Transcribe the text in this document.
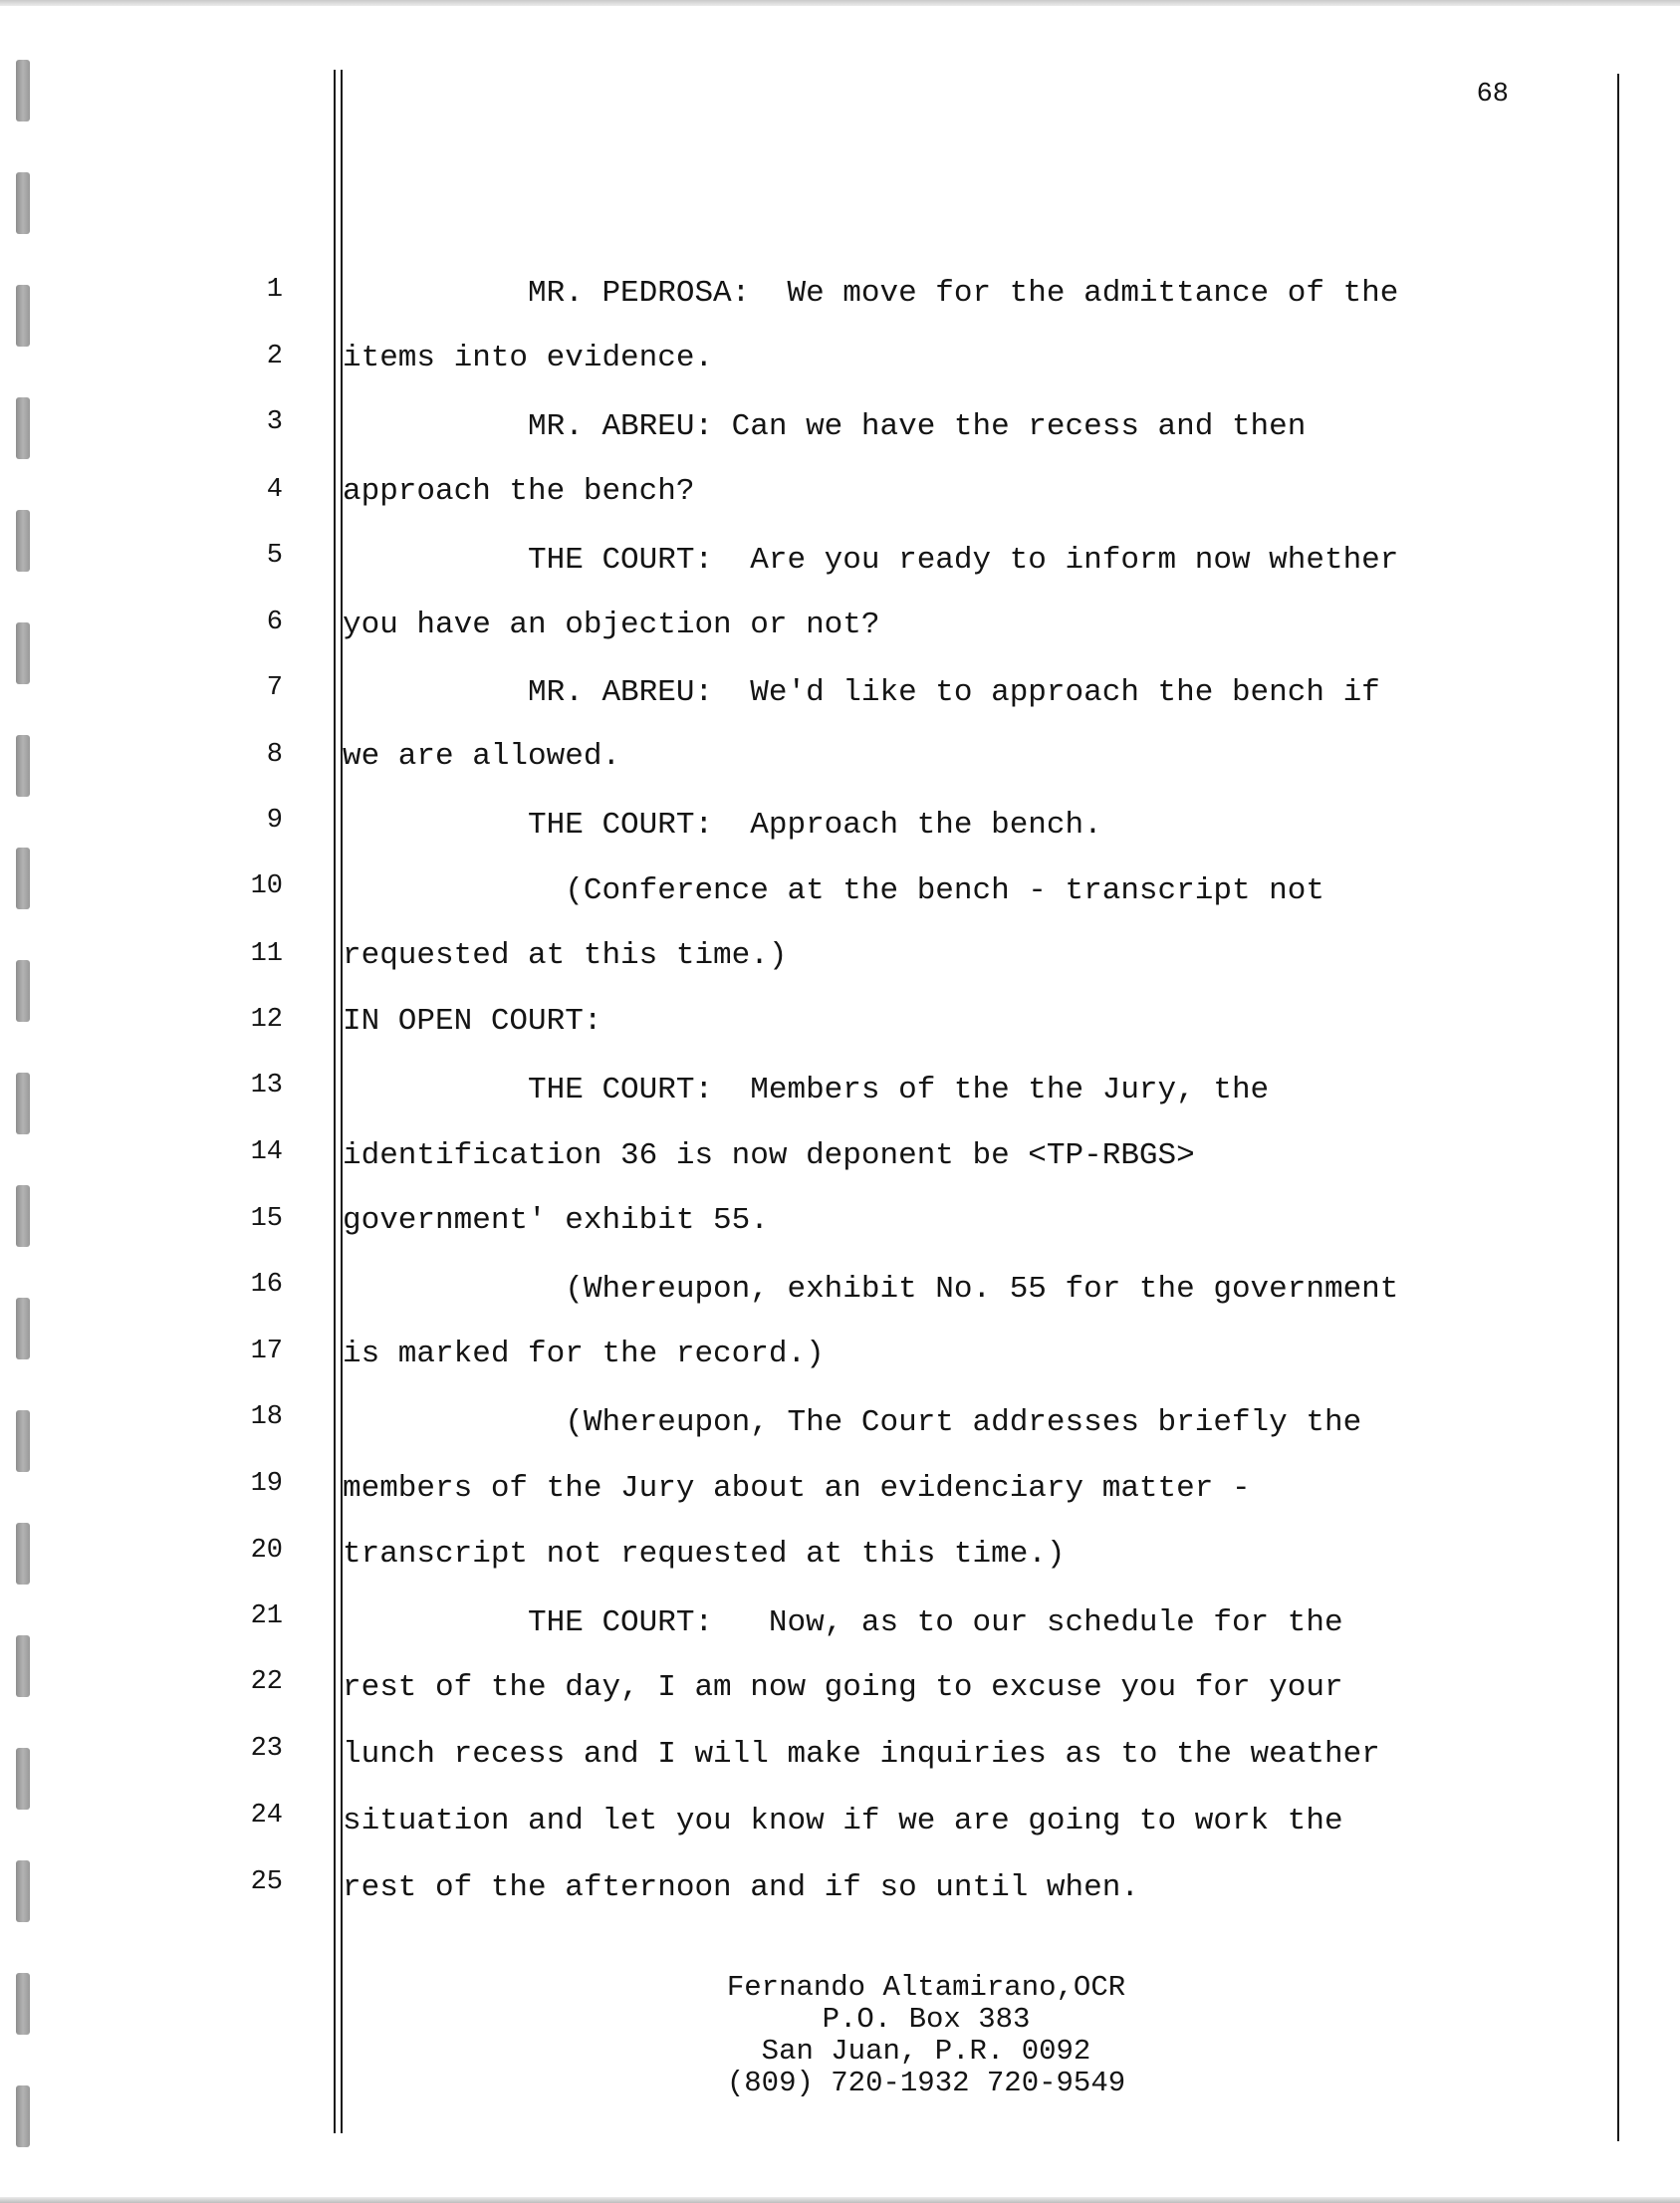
68
1 MR. PEDROSA:  We move for the admittance of the
2 items into evidence.
3 MR. ABREU: Can we have the recess and then
4 approach the bench?
5 THE COURT:  Are you ready to inform now whether
6 you have an objection or not?
7 MR. ABREU:  We'd like to approach the bench if
8 we are allowed.
9 THE COURT:  Approach the bench.
10 (Conference at the bench - transcript not
11 requested at this time.)
12 IN OPEN COURT:
13 THE COURT:  Members of the the Jury, the
14 identification 36 is now deponent be <TP-RBGS>
15 government' exhibit 55.
16 (Whereupon, exhibit No. 55 for the government
17 is marked for the record.)
18 (Whereupon, The Court addresses briefly the
19 members of the Jury about an evidenciary matter -
20 transcript not requested at this time.)
21 THE COURT:   Now, as to our schedule for the
22 rest of the day, I am now going to excuse you for your
23 lunch recess and I will make inquiries as to the weather
24 situation and let you know if we are going to work the
25 rest of the afternoon and if so until when.
Fernando Altamirano,OCR
P.O. Box 383
San Juan, P.R. 0092
(809) 720-1932 720-9549
